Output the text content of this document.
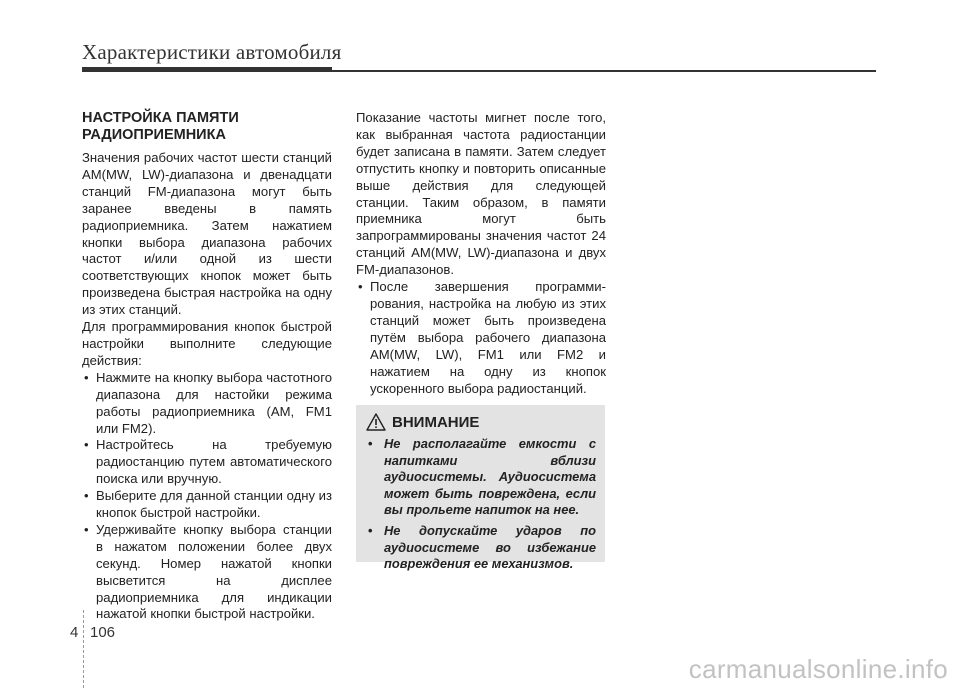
Характеристики автомобиля
НАСТРОЙКА ПАМЯТИ
РАДИОПРИЕМНИКА

Значения рабочих частот шести станций AM(MW, LW)-диапазона и двенадцати станций FM-диапазона могут быть заранее введены в память радиоприемника. Затем нажатием кнопки выбора диапазона рабочих частот и/или одной из шести соответствующих кнопок может быть произведена быстрая настройка на одну из этих станций.

Для программирования кнопок быстрой настройки выполните следующие действия:

• Нажмите на кнопку выбора частотного диапазона для настойки режима работы радиоприемника (AM, FM1 или FM2).
• Настройтесь на требуемую радиостанцию путем автоматического поиска или вручную.
• Выберите для данной станции одну из кнопок быстрой настройки.
• Удерживайте кнопку выбора станции в нажатом положении более двух секунд. Номер нажатой кнопки высветится на дисплее радиоприемника для индикации нажатой кнопки быстрой настройки.

Показание частоты мигнет после того, как выбранная частота радиостанции будет записана в памяти. Затем следует отпустить кнопку и повторить описанные выше действия для следующей станции. Таким образом, в памяти приемника могут быть запрограммированы значения частот 24 станций AM(MW, LW)-диапазона и двух FM-диапазонов.

• После завершения программирования, настройка на любую из этих станций может быть произведена путём выбора рабочего диапазона AM(MW, LW), FM1 или FM2 и нажатием на одну из кнопок ускоренного выбора радиостанций.
ВНИМАНИЕ
• Не располагайте емкости с напитками вблизи аудиосистемы. Аудиосистема может быть повреждена, если вы прольете напиток на нее.
• Не допускайте ударов по аудиосистеме во избежание повреждения ее механизмов.
4 106
carmanualsonline.info
